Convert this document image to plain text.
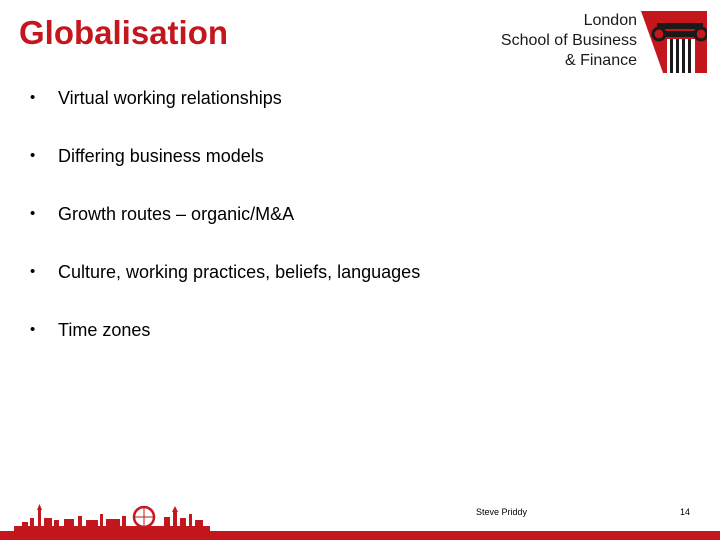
Globalisation	London
School of Business
& Finance
• Virtual working relationships
• Differing business models
• Growth routes – organic/M&A
• Culture, working practices, beliefs, languages
• Time zones
Steve Priddy	14
